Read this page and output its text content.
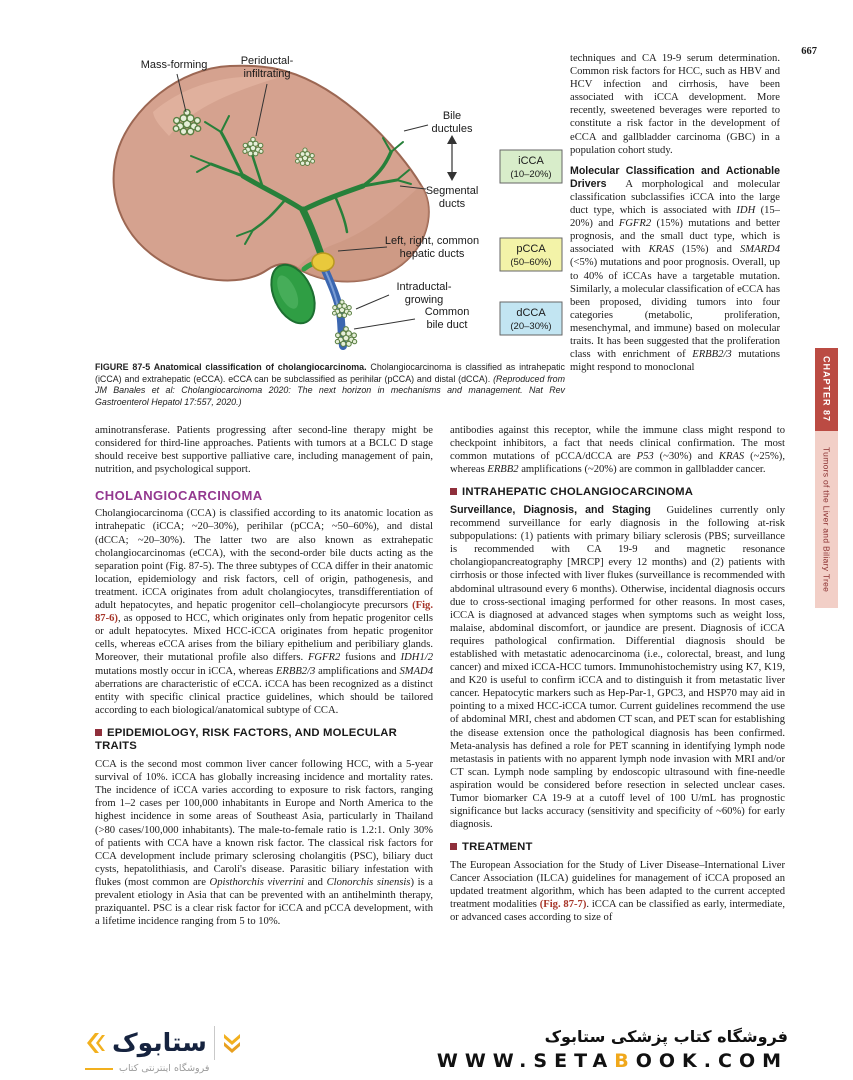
667
Mass-forming	Periductal-
infiltrating
Intraductal-
growing
Bile
ductules
Segmental
ducts
Left, right, common
hepatic ducts
Common
bile duct
iCCA
(10–20%)
pCCA
(50–60%)
dCCA
(20–30%)
FIGURE 87-5 Anatomical classification of cholangiocarcinoma. Cholangiocarcinoma is classified as intrahepatic (iCCA) and extrahepatic (eCCA). eCCA can be subclassified as perihilar (pCCA) and distal (dCCA). (Reproduced from JM Banales et al: Cholangiocarcinoma 2020: The next horizon in mechanisms and management. Nat Rev Gastroenterol Hepatol 17:557, 2020.)

aminotransferase. Patients progressing after second-line therapy might be considered for third-line approaches. Patients with tumors at a BCLC D stage should receive best supportive palliative care, including management of pain, nutrition, and psychological support.

CHOLANGIOCARCINOMA

Cholangiocarcinoma (CCA) is classified according to its anatomic location as intrahepatic (iCCA; ~20–30%), perihilar (pCCA; ~50–60%), and distal (dCCA; ~20–30%). The latter two are also known as extrahepatic cholangiocarcinomas (eCCA), with the second-order bile ducts acting as the separation point (Fig. 87-5). The three subtypes of CCA differ in their anatomic location, epidemiology and risk factors, cell of origin, pathogenesis, and treatment. iCCA originates from adult cholangiocytes, transdifferentiation of adult hepatocytes, and hepatic progenitor cell–cholangiocyte precursors (Fig. 87-6), as opposed to HCC, which originates only from hepatic progenitor cells or adult hepatocytes. Mixed HCC-iCCA originates from hepatic progenitor cells, whereas eCCA arises from the biliary epithelium and peribiliary glands. Moreover, their mutational profile also differs. FGFR2 fusions and IDH1/2 mutations mostly occur in iCCA, whereas ERBB2/3 amplifications and SMAD4 aberrations are characteristic of eCCA. iCCA has been recognized as a distinct entity with specific clinical practice guidelines, which should be tailored according to each biological/anatomical subtype of CCA.

EPIDEMIOLOGY, RISK FACTORS, AND MOLECULAR TRAITS

CCA is the second most common liver cancer following HCC, with a 5-year survival of 10%. iCCA has globally increasing incidence and mortality rates. The incidence of iCCA varies according to exposure to risk factors, ranging from 1–2 cases per 100,000 inhabitants in Europe and North America to the highest incidence in some areas of Southeast Asia, particularly in Thailand (>80 cases/100,000 inhabitants). The male-to-female ratio is 1.2:1. Only 30% of patients with CCA have a known risk factor. The classical risk factors for CCA development include primary sclerosing cholangitis (PSC), biliary duct cysts, hepatolithiasis, and Caroli's disease. Parasitic biliary infestation with flukes (most common are Opisthorchis viverrini and Clonorchis sinensis) is a prevalent etiology in Asia that can be prevented with an antihelminth therapy, praziquantel. PSC is a clear risk factor for iCCA and pCCA development, with a lifetime incidence ranging from 5 to 10%.

techniques and CA 19-9 serum determination. Common risk factors for HCC, such as HBV and HCV infection and cirrhosis, have been associated with iCCA development. More recently, sweetened beverages were reported to constitute a risk factor in the development of eCCA and gallbladder carcinoma (GBC) in a population cohort study.

Molecular Classification and Actionable Drivers A morphological and molecular classification subclassifies iCCA into the large duct type, which is associated with IDH (15–20%) and FGFR2 (15%) mutations and better prognosis, and the small duct type, which is associated with KRAS (15%) and SMARD4 (<5%) mutations and poor prognosis. Overall, up to 40% of iCCAs have a targetable mutation. Similarly, a molecular classification of eCCA has been proposed, dividing tumors into four categories (metabolic, proliferation, mesenchymal, and immune) based on molecular traits. It has been suggested that the proliferation class with enrichment of ERBB2/3 mutations might respond to monoclonal

antibodies against this receptor, while the immune class might respond to checkpoint inhibitors, a fact that needs clinical confirmation. The most common mutations of pCCA/dCCA are P53 (~30%) and KRAS (~25%), whereas ERBB2 amplifications (~20%) are common in gallbladder cancer.

INTRAHEPATIC CHOLANGIOCARCINOMA

Surveillance, Diagnosis, and Staging Guidelines currently only recommend surveillance for early diagnosis in the following at-risk subpopulations: (1) patients with primary biliary sclerosis (PBS; surveillance is recommended with CA 19-9 and magnetic resonance cholangiopancreatography [MRCP] every 12 months) and (2) patients with cirrhosis or those infected with liver flukes (surveillance is recommended with abdominal ultrasound every 6 months). Otherwise, incidental diagnosis occurs due to cross-sectional imaging performed for other reasons. In most cases, iCCA is diagnosed at advanced stages when symptoms such as weight loss, malaise, abdominal discomfort, or jaundice are present. Diagnosis of iCCA requires pathological confirmation. Differential diagnosis should be established with metastatic adenocarcinoma (i.e., colorectal, breast, and lung cancer) and mixed iCCA-HCC tumors. Immunohistochemistry using K7, K19, and K20 is useful to confirm iCCA and to distinguish it from metastatic liver cancer. Hepatocytic markers such as Hep-Par-1, GPC3, and HSP70 may aid in pointing to a mixed HCC-iCCA tumor. Current guidelines recommend the use of abdominal MRI, chest and abdomen CT scan, and PET scan for establishing the disease extension once the pathological diagnosis has been confirmed. Meta-analysis has defined a role for PET scanning in identifying lymph node metastasis in patients with no apparent lymph node invasion with MRI and/or CT scan. Lymph node sampling by endoscopic ultrasound with fine-needle aspiration would be considered before resection in selected unclear cases. Tumor biomarker CA 19-9 at a cutoff level of 100 U/mL has prognostic significance but lacks accuracy (sensitivity and specificity of ~60%) for early diagnosis.

TREATMENT

The European Association for the Study of Liver Disease–International Liver Cancer Association (ILCA) guidelines for management of iCCA proposed an updated treatment algorithm, which has been adapted to the current accepted treatment modalities (Fig. 87-7). iCCA can be classified as early, intermediate, or advanced cases according to size of

CHAPTER 87
Tumors of the Liver and Biliary Tree
ستابوک
فروشگاه اینترنتی کتاب
فروشگاه کتاب پزشکی ستابوک
WWW.SETABOOK.COM
